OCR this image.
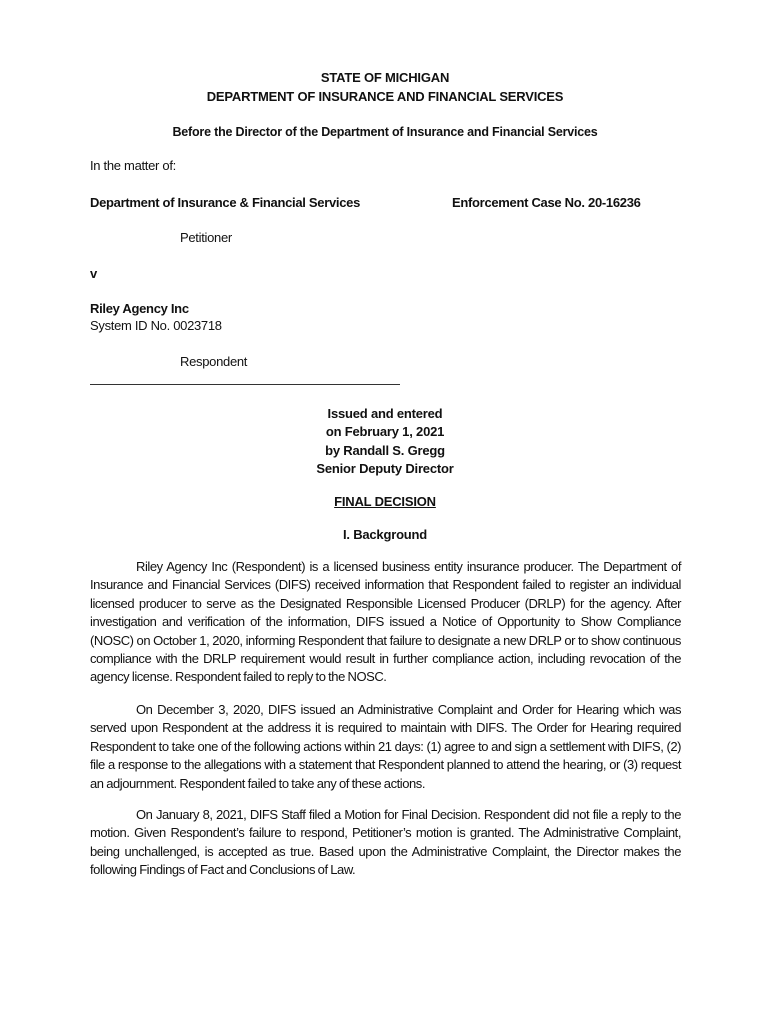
STATE OF MICHIGAN
DEPARTMENT OF INSURANCE AND FINANCIAL SERVICES
Before the Director of the Department of Insurance and Financial Services
In the matter of:
Department of Insurance & Financial Services	Enforcement Case No. 20-16236
Petitioner
v
Riley Agency Inc
System ID No. 0023718
Respondent
Issued and entered
on February 1, 2021
by Randall S. Gregg
Senior Deputy Director
FINAL DECISION
I. Background
Riley Agency Inc (Respondent) is a licensed business entity insurance producer. The Department of Insurance and Financial Services (DIFS) received information that Respondent failed to register an individual licensed producer to serve as the Designated Responsible Licensed Producer (DRLP) for the agency. After investigation and verification of the information, DIFS issued a Notice of Opportunity to Show Compliance (NOSC) on October 1, 2020, informing Respondent that failure to designate a new DRLP or to show continuous compliance with the DRLP requirement would result in further compliance action, including revocation of the agency license. Respondent failed to reply to the NOSC.
On December 3, 2020, DIFS issued an Administrative Complaint and Order for Hearing which was served upon Respondent at the address it is required to maintain with DIFS. The Order for Hearing required Respondent to take one of the following actions within 21 days: (1) agree to and sign a settlement with DIFS, (2) file a response to the allegations with a statement that Respondent planned to attend the hearing, or (3) request an adjournment. Respondent failed to take any of these actions.
On January 8, 2021, DIFS Staff filed a Motion for Final Decision. Respondent did not file a reply to the motion. Given Respondent’s failure to respond, Petitioner’s motion is granted. The Administrative Complaint, being unchallenged, is accepted as true. Based upon the Administrative Complaint, the Director makes the following Findings of Fact and Conclusions of Law.
